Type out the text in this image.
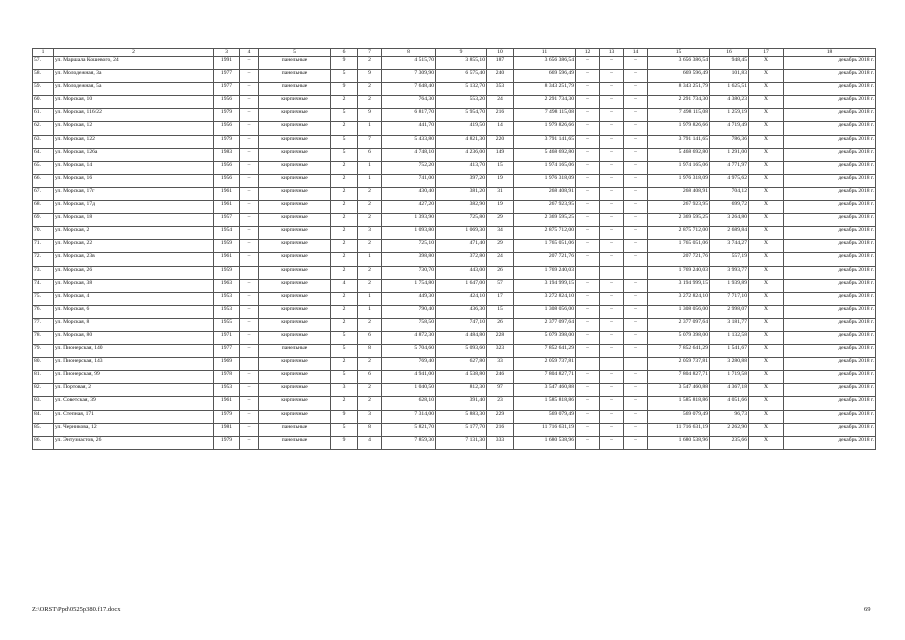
1	2	3	4	5	6	7	8	9	10	11	12	13	14	15	16	17	18
57.	ул. Маршала Кошевого, 24	1991	–	панельные	9	2	4 515,70	3 855,10	187	3 656 386,54	–	–	–	3 656 386,54	948,45	Х	декабрь 2018 г.
58.	ул. Молодежная, 3а	1977	–	панельные	5	9	7 309,90	6 575,40	240	669 596,49	–	–	–	669 596,49	101,83	Х	декабрь 2018 г.
59.	ул. Молодежная, 5а	1977	–	панельные	9	2	7 648,40	5 132,70	353	8 343 251,79	–	–	–	8 343 251,79	1 625,51	Х	декабрь 2018 г.
60.	ул. Морская, 10	1956	–	кирпичные	2	2	764,30	553,20	24	2 291 734,30	–	–	–	2 291 734,30	4 380,23	Х	декабрь 2018 г.
61.	ул. Морская, 116/22	1979	–	кирпичные	5	9	6 817,70	5 954,70	216	7 498 115,08	–	–	–	7 498 115,08	1 259,19	Х	декабрь 2018 г.
62.	ул. Морская, 12	1956	–	кирпичные	2	1	441,70	419,50	14	1 979 826,66	–	–	–	1 979 826,66	4 719,49	Х	декабрь 2018 г.
63.	ул. Морская, 122	1979	–	кирпичные	5	7	5 433,80	4 821,30	220	3 791 141,65	–	–	–	3 791 141,65	786,36	Х	декабрь 2018 г.
64.	ул. Морская, 126а	1983	–	кирпичные	5	6	4 748,10	4 236,00	149	5 468 692,80	–	–	–	5 468 692,80	1 291,00	Х	декабрь 2018 г.
65.	ул. Морская, 14	1956	–	кирпичные	2	1	752,20	413,70	15	1 974 165,06	–	–	–	1 974 165,06	4 771,97	Х	декабрь 2018 г.
66.	ул. Морская, 16	1956	–	кирпичные	2	1	741,00	397,20	19	1 976 318,09	–	–	–	1 976 318,09	4 975,62	Х	декабрь 2018 г.
67.	ул. Морская, 17г	1961	–	кирпичные	2	2	430,40	381,20	31	268 408,91	–	–	–	268 408,91	704,12	Х	декабрь 2018 г.
68.	ул. Морская, 17д	1961	–	кирпичные	2	2	427,20	382,90	19	267 923,95	–	–	–	267 923,95	699,72	Х	декабрь 2018 г.
69.	ул. Морская, 18	1957	–	кирпичные	2	2	1 393,90	725,80	29	2 369 595,25	–	–	–	2 369 595,25	3 264,80	Х	декабрь 2018 г.
70.	ул. Морская, 2	1954	–	кирпичные	2	3	1 093,80	1 069,30	34	2 875 712,00	–	–	–	2 875 712,00	2 689,84	Х	декабрь 2018 г.
71.	ул. Морская, 22	1959	–	кирпичные	2	2	725,10	471,40	29	1 765 051,06	–	–	–	1 765 051,06	3 744,27	Х	декабрь 2018 г.
72.	ул. Морская, 23в	1961	–	кирпичные	2	1	398,80	372,80	24	207 721,76	–	–	–	207 721,76	557,19	Х	декабрь 2018 г.
73.	ул. Морская, 26	1959		кирпичные	2	2	730,70	443,00	26	1 769 240,03				1 769 240,03	3 993,77	Х	декабрь 2018 г.
74.	ул. Морская, 38	1963	–	кирпичные	4	2	1 754,80	1 647,00	57	3 194 999,15	–	–	–	3 194 999,15	1 939,89	Х	декабрь 2018 г.
75.	ул. Морская, 4	1953	–	кирпичные	2	1	449,30	424,10	17	3 272 824,10	–	–	–	3 272 824,10	7 717,10	Х	декабрь 2018 г.
76.	ул. Морская, 6	1953	–	кирпичные	2	1	790,40	436,30	15	1 308 056,00	–	–	–	1 308 056,00	2 998,07	Х	декабрь 2018 г.
77.	ул. Морская, 8	1955	–	кирпичные	2	2	758,50	747,10	26	2 377 097,64	–	–	–	2 377 097,64	3 181,77	Х	декабрь 2018 г.
78.	ул. Морская, 80	1971	–	кирпичные	5	6	4 872,30	4 484,80	228	5 079 398,00	–	–	–	5 079 398,00	1 132,58	Х	декабрь 2018 г.
79.	ул. Пионерская, 140	1977	–	панельные	5	8	5 704,60	5 093,60	323	7 852 641,29	–	–	–	7 852 641,29	1 541,67	Х	декабрь 2018 г.
80.	ул. Пионерская, 143	1969		кирпичные	2	2	769,40	627,80	33	2 059 737,81				2 059 737,81	3 280,88	Х	декабрь 2018 г.
81.	ул. Пионерская, 99	1978	–	кирпичные	5	6	4 941,00	4 538,80	246	7 804 827,71	–	–	–	7 804 827,71	1 719,58	Х	декабрь 2018 г.
82.	ул. Портовая, 2	1953	–	кирпичные	3	2	1 040,50	812,30	97	3 547 460,88	–	–	–	3 547 460,88	4 367,18	Х	декабрь 2018 г.
83.	ул. Советская, 39	1961	–	кирпичные	2	2	628,10	391,40	23	1 585 818,86	–	–	–	1 585 818,86	4 051,66	Х	декабрь 2018 г.
84.	ул. Степная, 171	1979	–	кирпичные	9	3	7 314,00	5 883,30	229	569 079,49	–	–	–	569 079,49	96,73	Х	декабрь 2018 г.
85.	ул. Черникова, 12	1981	–	панельные	5	8	5 821,70	5 177,70	216	11 716 631,19	–	–	–	11 716 631,19	2 262,90	Х	декабрь 2018 г.
86.	ул. Энтузиастов, 26	1979	–	панельные	9	4	7 859,30	7 131,30	333	1 680 538,96	–	–	–	1 680 538,96	235,66	Х	декабрь 2018 г.
Z:\ORST\Ppd\0525p380.f17.docx	69
